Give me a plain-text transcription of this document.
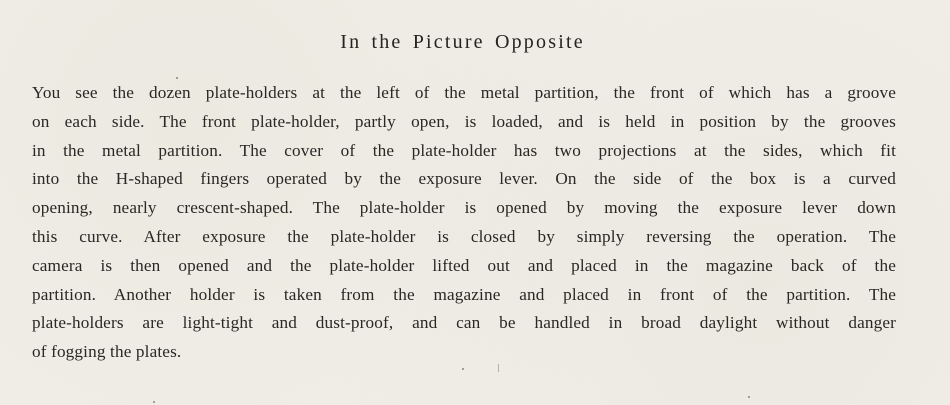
In the Picture Opposite
You see the dozen plate-holders at the left of the metal partition, the front of which has a groove
on each side. The front plate-holder, partly open, is loaded, and is held in position by the grooves
in the metal partition. The cover of the plate-holder has two projections at the sides, which fit
into the H-shaped fingers operated by the exposure lever. On the side of the box is a curved
opening, nearly crescent-shaped. The plate-holder is opened by moving the exposure lever down
this curve. After exposure the plate-holder is closed by simply reversing the operation. The
camera is then opened and the plate-holder lifted out and placed in the magazine back of the
partition. Another holder is taken from the magazine and placed in front of the partition. The
plate-holders are light-tight and dust-proof, and can be handled in broad daylight without danger
of fogging the plates.
